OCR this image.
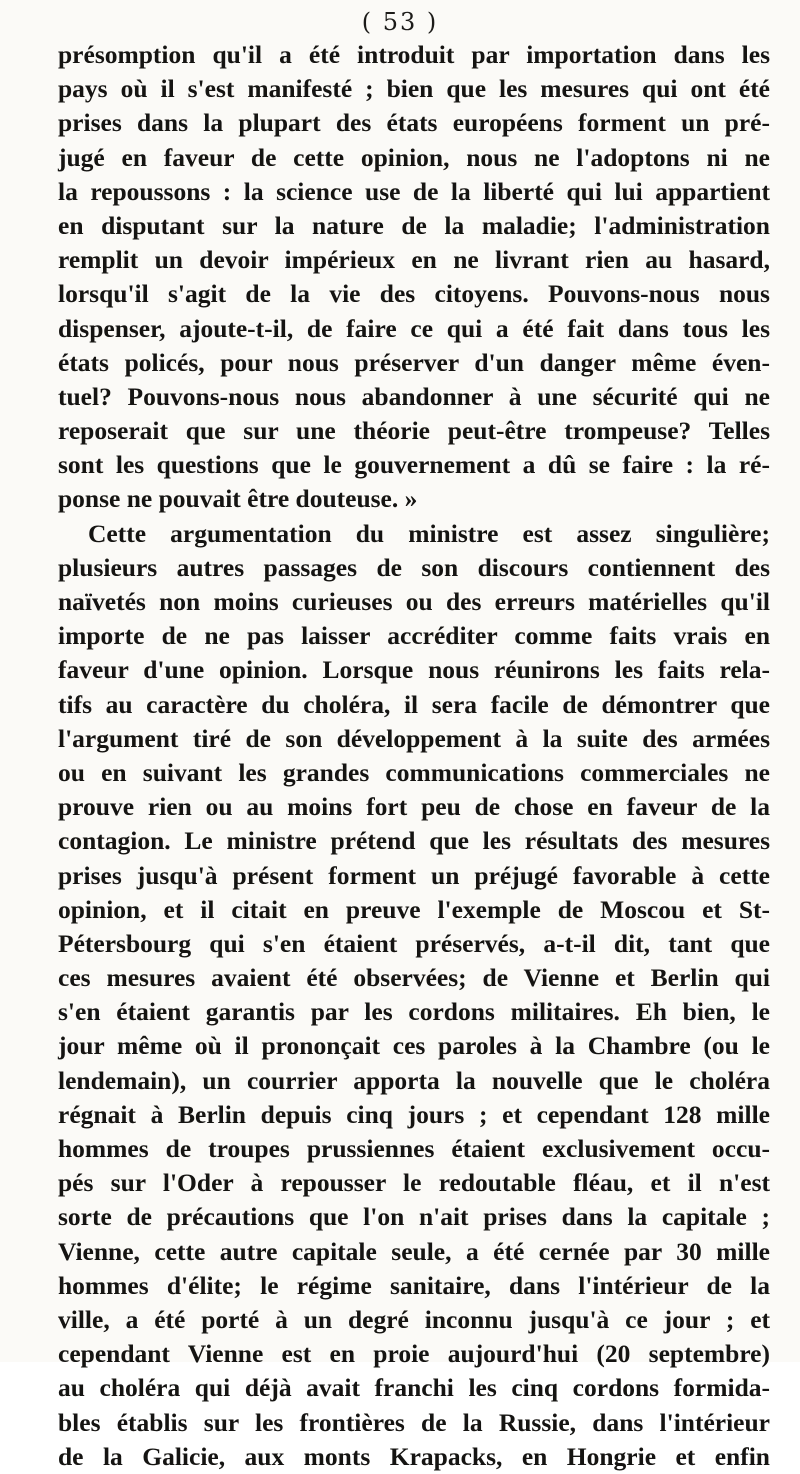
( 53 )
présomption qu'il a été introduit par importation dans les
pays où il s'est manifesté ; bien que les mesures qui ont été
prises dans la plupart des états européens forment un pré-
jugé en faveur de cette opinion, nous ne l'adoptons ni ne
la repoussons : la science use de la liberté qui lui appartient
en disputant sur la nature de la maladie; l'administration
remplit un devoir impérieux en ne livrant rien au hasard,
lorsqu'il s'agit de la vie des citoyens. Pouvons-nous nous
dispenser, ajoute-t-il, de faire ce qui a été fait dans tous les
états policés, pour nous préserver d'un danger même éven-
tuel? Pouvons-nous nous abandonner à une sécurité qui ne
reposerait que sur une théorie peut-être trompeuse? Telles
sont les questions que le gouvernement a dû se faire : la ré-
ponse ne pouvait être douteuse. »
Cette argumentation du ministre est assez singulière;
plusieurs autres passages de son discours contiennent des
naïvetés non moins curieuses ou des erreurs matérielles qu'il
importe de ne pas laisser accréditer comme faits vrais en
faveur d'une opinion. Lorsque nous réunirons les faits rela-
tifs au caractère du choléra, il sera facile de démontrer que
l'argument tiré de son développement à la suite des armées
ou en suivant les grandes communications commerciales ne
prouve rien ou au moins fort peu de chose en faveur de la
contagion. Le ministre prétend que les résultats des mesures
prises jusqu'à présent forment un préjugé favorable à cette
opinion, et il citait en preuve l'exemple de Moscou et St-
Pétersbourg qui s'en étaient préservés, a-t-il dit, tant que
ces mesures avaient été observées; de Vienne et Berlin qui
s'en étaient garantis par les cordons militaires. Eh bien, le
jour même où il prononçait ces paroles à la Chambre (ou le
lendemain), un courrier apporta la nouvelle que le choléra
régnait à Berlin depuis cinq jours ; et cependant 128 mille
hommes de troupes prussiennes étaient exclusivement occu-
pés sur l'Oder à repousser le redoutable fléau, et il n'est
sorte de précautions que l'on n'ait prises dans la capitale ;
Vienne, cette autre capitale seule, a été cernée par 30 mille
hommes d'élite; le régime sanitaire, dans l'intérieur de la
ville, a été porté à un degré inconnu jusqu'à ce jour ; et
cependant Vienne est en proie aujourd'hui (20 septembre)
au choléra qui déjà avait franchi les cinq cordons formida-
bles établis sur les frontières de la Russie, dans l'intérieur
de la Galicie, aux monts Krapacks, en Hongrie et enfin
